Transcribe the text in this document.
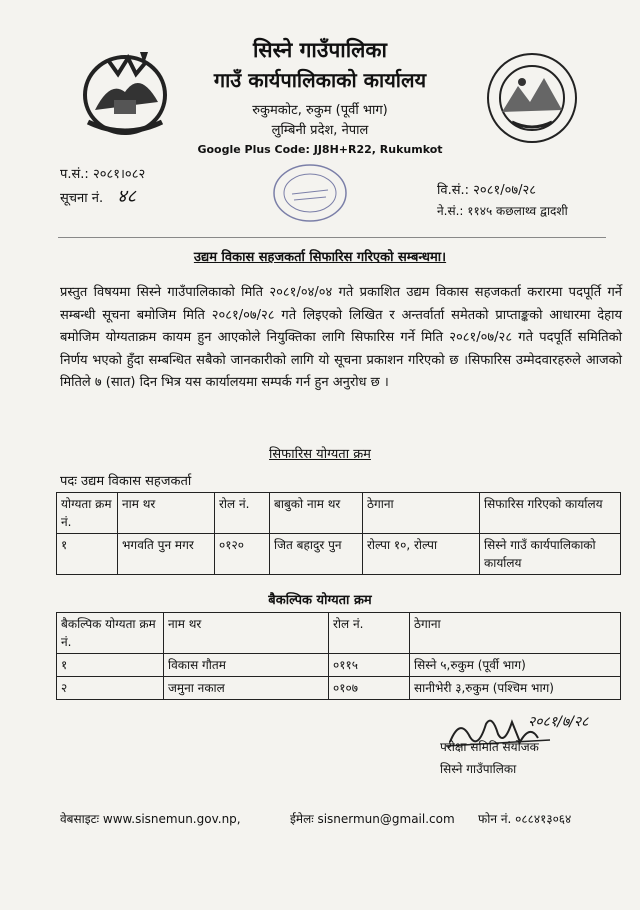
सिस्ने गाउँपालिका
गाउँ कार्यपालिकाको कार्यालय
रुकुमकोट, रुकुम (पूर्वी भाग)
लुम्बिनी प्रदेश, नेपाल
Google Plus Code: JJ8H+R22, Rukumkot
प.सं.: २०८१।०८२
सूचना नं. ४८	वि.सं.: २०८१/०७/२८
ने.सं.: ११४५ कछलाथ्व द्वादशी
उद्यम विकास सहजकर्ता सिफारिस गरिएको सम्बन्धमा।
प्रस्तुत विषयमा सिस्ने गाउँपालिकाको मिति २०८१/०४/०४ गते प्रकाशित उद्यम विकास सहजकर्ता करारमा पदपूर्ति गर्ने सम्बन्धी सूचना बमोजिम मिति २०८१/०७/२८ गते लिइएको लिखित र अन्तर्वार्ता समेतको प्राप्ताङ्कको आधारमा देहाय बमोजिम योग्यताक्रम कायम हुन आएकोले नियुक्तिका लागि सिफारिस गर्ने मिति २०८१/०७/२८ गते पदपूर्ति समितिको निर्णय भएको हुँदा सम्बन्धित सबैको जानकारीको लागि यो सूचना प्रकाशन गरिएको छ ।सिफारिस उम्मेदवारहरुले आजको मितिले ७ (सात) दिन भित्र यस कार्यालयमा सम्पर्क गर्न हुन अनुरोध छ ।
सिफारिस योग्यता क्रम
पदः उद्यम विकास सहजकर्ता
योग्यता क्रम नं.	नाम थर	रोल नं.	बाबुको नाम थर	ठेगाना	सिफारिस गरिएको कार्यालय
१	भगवति पुन मगर	०१२०	जित बहादुर पुन	रोल्पा १०, रोल्पा	सिस्ने गाउँ कार्यपालिकाको कार्यालय
बैकल्पिक योग्यता क्रम
बैकल्पिक योग्यता क्रम नं.	नाम थर	रोल नं.	ठेगाना
१	विकास गौतम	०११५	सिस्ने ५,रुकुम (पूर्वी भाग)
२	जमुना नकाल	०१०७	सानीभेरी ३,रुकुम (पश्चिम भाग)
२०८१/७/२८
परीक्षा समिति संयोजक
सिस्ने गाउँपालिका
वेबसाइटः www.sisnemun.gov.np,	ईमेलः sisnermun@gmail.com फोन नं. ०८८४१३०६४
